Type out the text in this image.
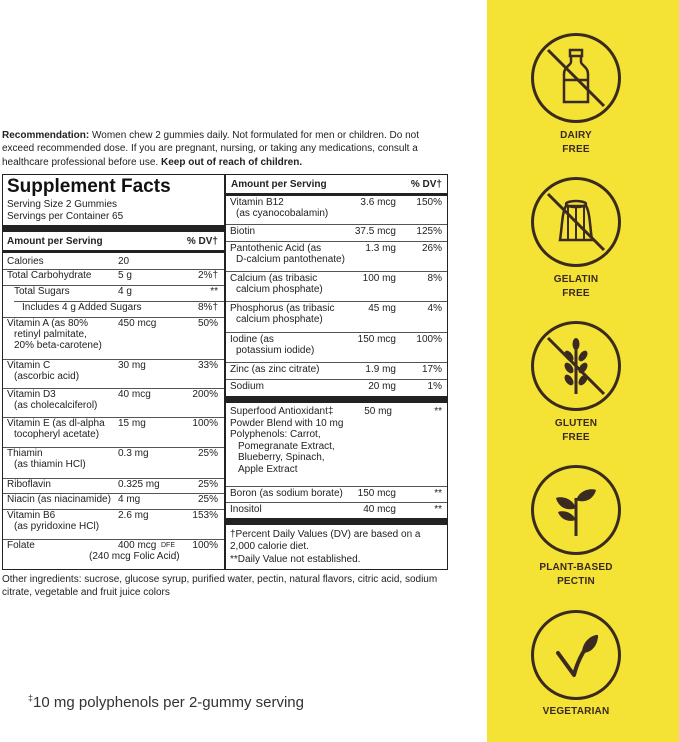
DAIRY
FREE
GELATIN
FREE
GLUTEN
FREE
PLANT-BASED
PECTIN
VEGETARIAN
Recommendation: Women chew 2 gummies daily. Not formulated for men or children. Do not exceed recommended dose. If you are pregnant, nursing, or taking any medications, consult a healthcare professional before use. Keep out of reach of children.
Supplement Facts
Serving Size 2 Gummies
Servings per Container 65
Amount per Serving	% DV†
Calories	20
Total Carbohydrate	5 g	2%†
Total Sugars	4 g	**
Includes 4 g Added Sugars	8%†
Vitamin A (as 80%
retinyl palmitate,
20% beta-carotene)
450 mcg	50%
Vitamin C
(ascorbic acid)
30 mg	33%
Vitamin D3
(as cholecalciferol)
40 mcg	200%
Vitamin E (as dl-alpha
tocopheryl acetate)
15 mg	100%
Thiamin
(as thiamin HCl)
0.3 mg	25%
Riboflavin	0.325 mg	25%
Niacin (as niacinamide) 4 mg	25%
Vitamin B6
(as pyridoxine HCl)
2.6 mg	153%
Folate	400 mcg DFE
(240 mcg Folic Acid)
100%
Amount per Serving	% DV†
Vitamin B12
(as cyanocobalamin)
3.6 mcg	150%
Biotin	37.5 mcg	125%
Pantothenic Acid (as
D-calcium pantothenate)
1.3 mg	26%
Calcium (as tribasic
calcium phosphate)
100 mg	8%
Phosphorus (as tribasic
calcium phosphate)
45 mg	4%
Iodine (as
potassium iodide)
150 mcg	100%
Zinc (as zinc citrate)	1.9 mg	17%
Sodium	20 mg	1%
Superfood Antioxidant‡
Powder Blend with 10 mg
Polyphenols: Carrot,
Pomegranate Extract,
Blueberry, Spinach,
Apple Extract
50 mg	**
Boron (as sodium borate)	150 mcg	**
Inositol	40 mcg	**
†Percent Daily Values (DV) are based on a
2,000 calorie diet.
**Daily Value not established.
Other ingredients: sucrose, glucose syrup, purified water, pectin, natural flavors, citric acid, sodium citrate, vegetable and fruit juice colors
‡10 mg polyphenols per 2-gummy serving
